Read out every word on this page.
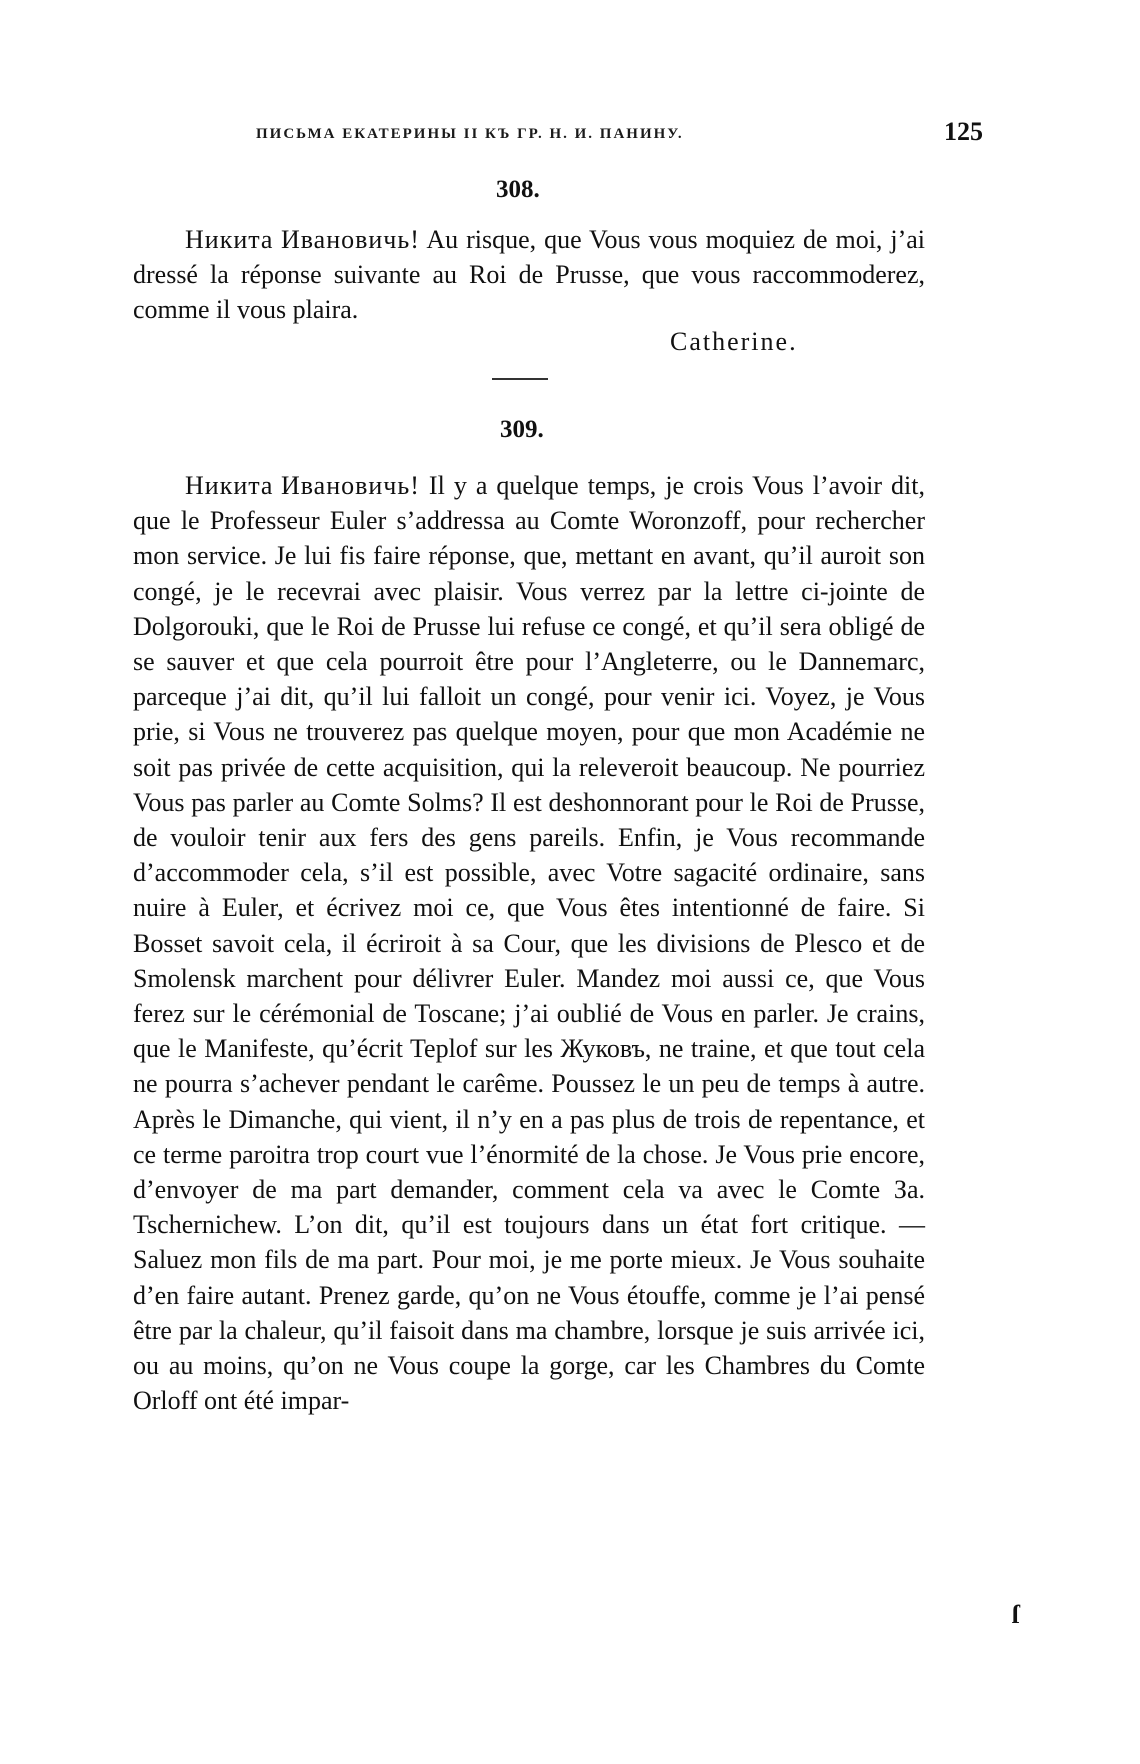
ПИСЬМА ЕКАТЕРИНЫ II КЪ ГР. Н. И. ПАНИНУ.	125
308.

Никита Ивановичь! Au risque, que Vous vous moquiez de moi, j’ai dressé la réponse suivante au Roi de Prusse, que vous raccommoderez, comme il vous plaira.

Catherine.
309.

Никита Ивановичь! Il y a quelque temps, je crois Vous l’avoir dit, que le Professeur Euler s’addressa au Comte Woronzoff, pour rechercher mon service. Je lui fis faire réponse, que, mettant en avant, qu’il auroit son congé, je le recevrai avec plaisir. Vous verrez par la lettre ci-jointe de Dolgorouki, que le Roi de Prusse lui refuse ce congé, et qu’il sera obligé de se sauver et que cela pourroit être pour l’Angleterre, ou le Dannemarc, parceque j’ai dit, qu’il lui falloit un congé, pour venir ici. Voyez, je Vous prie, si Vous ne trouverez pas quelque moyen, pour que mon Académie ne soit pas privée de cette acquisition, qui la releveroit beaucoup. Ne pourriez Vous pas parler au Comte Solms? Il est deshonnorant pour le Roi de Prusse, de vouloir tenir aux fers des gens pareils. Enfin, je Vous recommande d’accommoder cela, s’il est possible, avec Votre sagacité ordinaire, sans nuire à Euler, et écrivez moi ce, que Vous êtes intentionné de faire. Si Bosset savoit cela, il écriroit à sa Cour, que les divisions de Plesco et de Smolensk marchent pour délivrer Euler. Mandez moi aussi ce, que Vous ferez sur le cérémonial de Toscane; j’ai oublié de Vous en parler. Je crains, que le Manifeste, qu’écrit Teplof sur les Жуковъ, ne traine, et que tout cela ne pourra s’achever pendant le carême. Poussez le un peu de temps à autre. Après le Dimanche, qui vient, il n’y en a pas plus de trois de repentance, et ce terme paroitra trop court vue l’énormité de la chose. Je Vous prie encore, d’envoyer de ma part demander, comment cela va avec le Comte За. Tschernichew. L’on dit, qu’il est toujours dans un état fort critique. — Saluez mon fils de ma part. Pour moi, je me porte mieux. Je Vous souhaite d’en faire autant. Prenez garde, qu’on ne Vous étouffe, comme je l’ai pensé être par la chaleur, qu’il faisoit dans ma chambre, lorsque je suis arrivée ici, ou au moins, qu’on ne Vous coupe la gorge, car les Chambres du Comte Orloff ont été impar-

ſ
